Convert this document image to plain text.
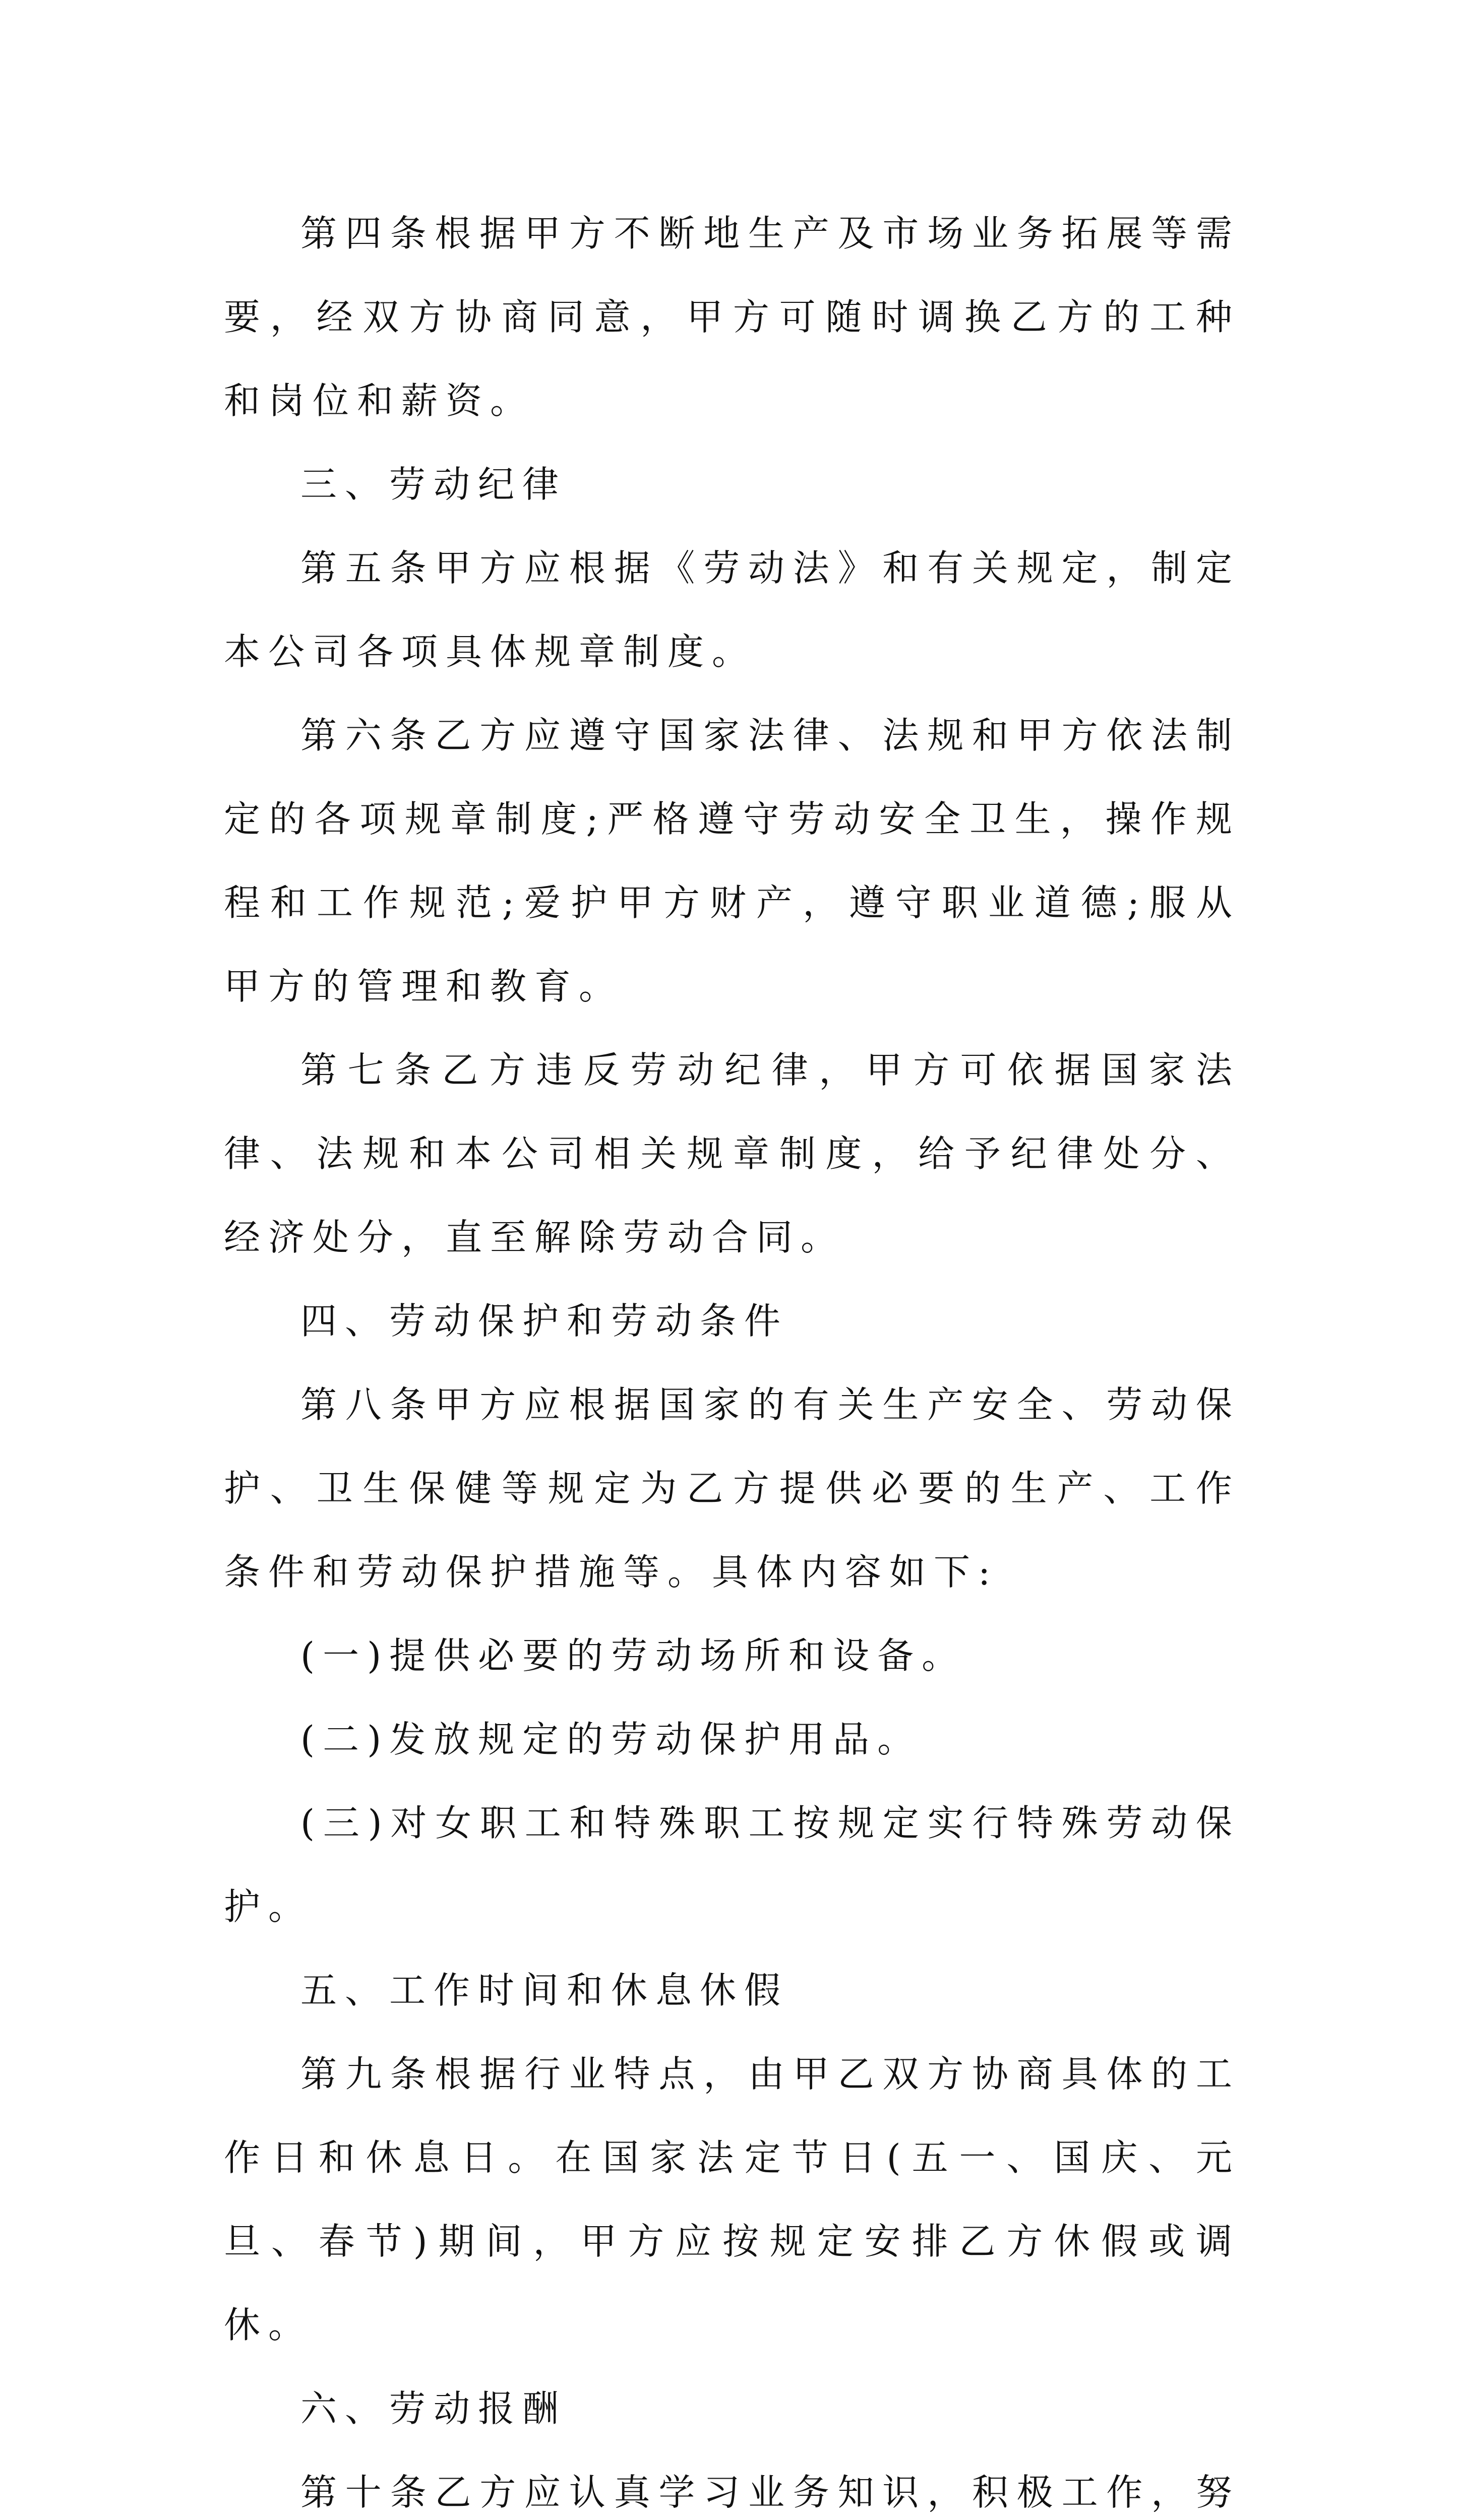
第四条根据甲方不断地生产及市场业务拓展等需要，经双方协商同意，甲方可随时调换乙方的工种和岗位和薪资。

三、劳动纪律

第五条甲方应根据《劳动法》和有关规定，制定本公司各项具体规章制度。

第六条乙方应遵守国家法律、法规和甲方依法制定的各项规章制度;严格遵守劳动安全卫生，操作规程和工作规范;爱护甲方财产，遵守职业道德;服从甲方的管理和教育。

第七条乙方违反劳动纪律，甲方可依据国家法律、法规和本公司相关规章制度，给予纪律处分、经济处分，直至解除劳动合同。

四、劳动保护和劳动条件

第八条甲方应根据国家的有关生产安全、劳动保护、卫生保健等规定为乙方提供必要的生产、工作条件和劳动保护措施等。具体内容如下:

(一)提供必要的劳动场所和设备。

(二)发放规定的劳动保护用品。

(三)对女职工和特殊职工按规定实行特殊劳动保护。

五、工作时间和休息休假

第九条根据行业特点，由甲乙双方协商具体的工作日和休息日。在国家法定节日(五一、国庆、元旦、春节)期间，甲方应按规定安排乙方休假或调休。

六、劳动报酬

第十条乙方应认真学习业务知识，积极工作，努
